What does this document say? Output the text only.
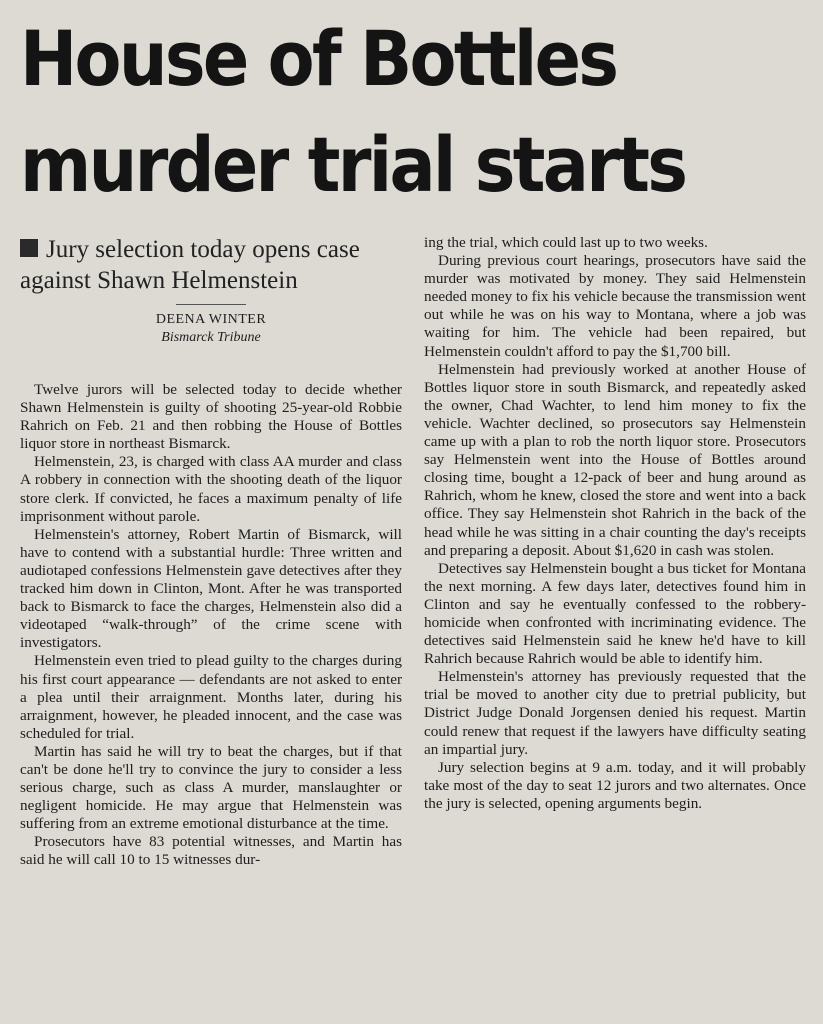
House of Bottles
murder trial starts
Jury selection today opens case against Shawn Helmenstein
DEENA WINTER
Bismarck Tribune

Twelve jurors will be selected today to decide whether Shawn Helmenstein is guilty of shooting 25-year-old Robbie Rahrich on Feb. 21 and then robbing the House of Bottles liquor store in northeast Bismarck.

Helmenstein, 23, is charged with class AA murder and class A robbery in connection with the shooting death of the liquor store clerk. If convicted, he faces a maximum penalty of life imprisonment without parole.

Helmenstein's attorney, Robert Martin of Bismarck, will have to contend with a substantial hurdle: Three written and audiotaped confessions Helmenstein gave detectives after they tracked him down in Clinton, Mont. After he was transported back to Bismarck to face the charges, Helmenstein also did a videotaped “walk-through” of the crime scene with investigators.

Helmenstein even tried to plead guilty to the charges during his first court appearance — defendants are not asked to enter a plea until their arraignment. Months later, during his arraignment, however, he pleaded innocent, and the case was scheduled for trial.

Martin has said he will try to beat the charges, but if that can't be done he'll try to convince the jury to consider a less serious charge, such as class A murder, manslaughter or negligent homicide. He may argue that Helmenstein was suffering from an extreme emotional disturbance at the time.

Prosecutors have 83 potential witnesses, and Martin has said he will call 10 to 15 witnesses dur-

ing the trial, which could last up to two weeks.

During previous court hearings, prosecutors have said the murder was motivated by money. They said Helmenstein needed money to fix his vehicle because the transmission went out while he was on his way to Montana, where a job was waiting for him. The vehicle had been repaired, but Helmenstein couldn't afford to pay the $1,700 bill.

Helmenstein had previously worked at another House of Bottles liquor store in south Bismarck, and repeatedly asked the owner, Chad Wachter, to lend him money to fix the vehicle. Wachter declined, so prosecutors say Helmenstein came up with a plan to rob the north liquor store. Prosecutors say Helmenstein went into the House of Bottles around closing time, bought a 12-pack of beer and hung around as Rahrich, whom he knew, closed the store and went into a back office. They say Helmenstein shot Rahrich in the back of the head while he was sitting in a chair counting the day's receipts and preparing a deposit. About $1,620 in cash was stolen.

Detectives say Helmenstein bought a bus ticket for Montana the next morning. A few days later, detectives found him in Clinton and say he eventually confessed to the robbery-homicide when confronted with incriminating evidence. The detectives said Helmenstein said he knew he'd have to kill Rahrich because Rahrich would be able to identify him.

Helmenstein's attorney has previously requested that the trial be moved to another city due to pretrial publicity, but District Judge Donald Jorgensen denied his request. Martin could renew that request if the lawyers have difficulty seating an impartial jury.

Jury selection begins at 9 a.m. today, and it will probably take most of the day to seat 12 jurors and two alternates. Once the jury is selected, opening arguments begin.
